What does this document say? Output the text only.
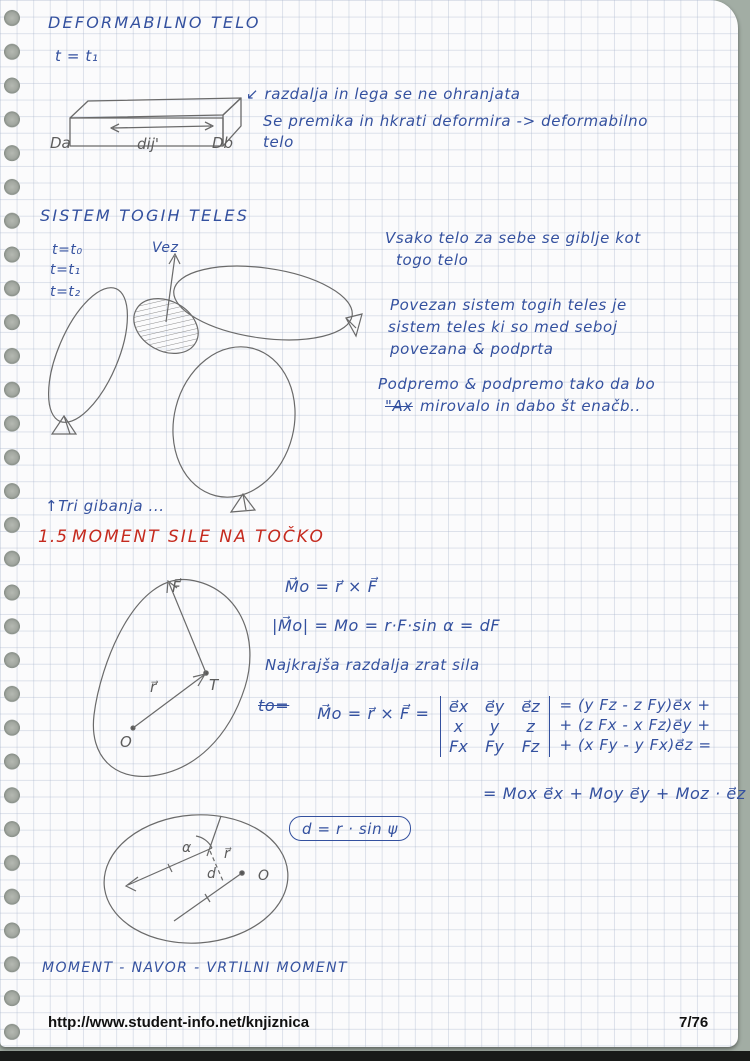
DEFORMABILNO TELO
t = t₁
Da	dij'	Db
↙ razdalja in lega se ne ohranjata
Se premika in hkrati deformira -> deformabilno
telo
SISTEM TOGIH TELES
t=t₀
t=t₁
t=t₂
Vez
Vsako telo za sebe se giblje kot
togo telo
Povezan sistem togih teles je
sistem teles ki so med seboj
povezana & podprta
Podpremo & podpremo tako da bo
"Ax mirovalo in dabo št enačb..
↑Tri gibanja ...
1.5 MOMENT SILE NA TOČKO
F⃗
r⃗	T
O
M⃗o = r⃗ × F⃗
|M⃗o| = Mo = r·F·sin α = dF
Najkrajša razdalja zrat sila
to= M⃗o = r⃗ × F⃗ = e⃗x e⃗y e⃗z
x	y	z
Fx Fy Fz
= (y Fz - z Fy)e⃗x +
+ (z Fx - x Fz)e⃗y +
+ (x Fy - y Fx)e⃗z =
= Mox e⃗x + Moy e⃗y + Moz · e⃗z
d = r · sin ψ
α
d
r⃗
O
MOMENT - NAVOR - VRTILNI MOMENT
http://www.student-info.net/knjiznica	7/76
